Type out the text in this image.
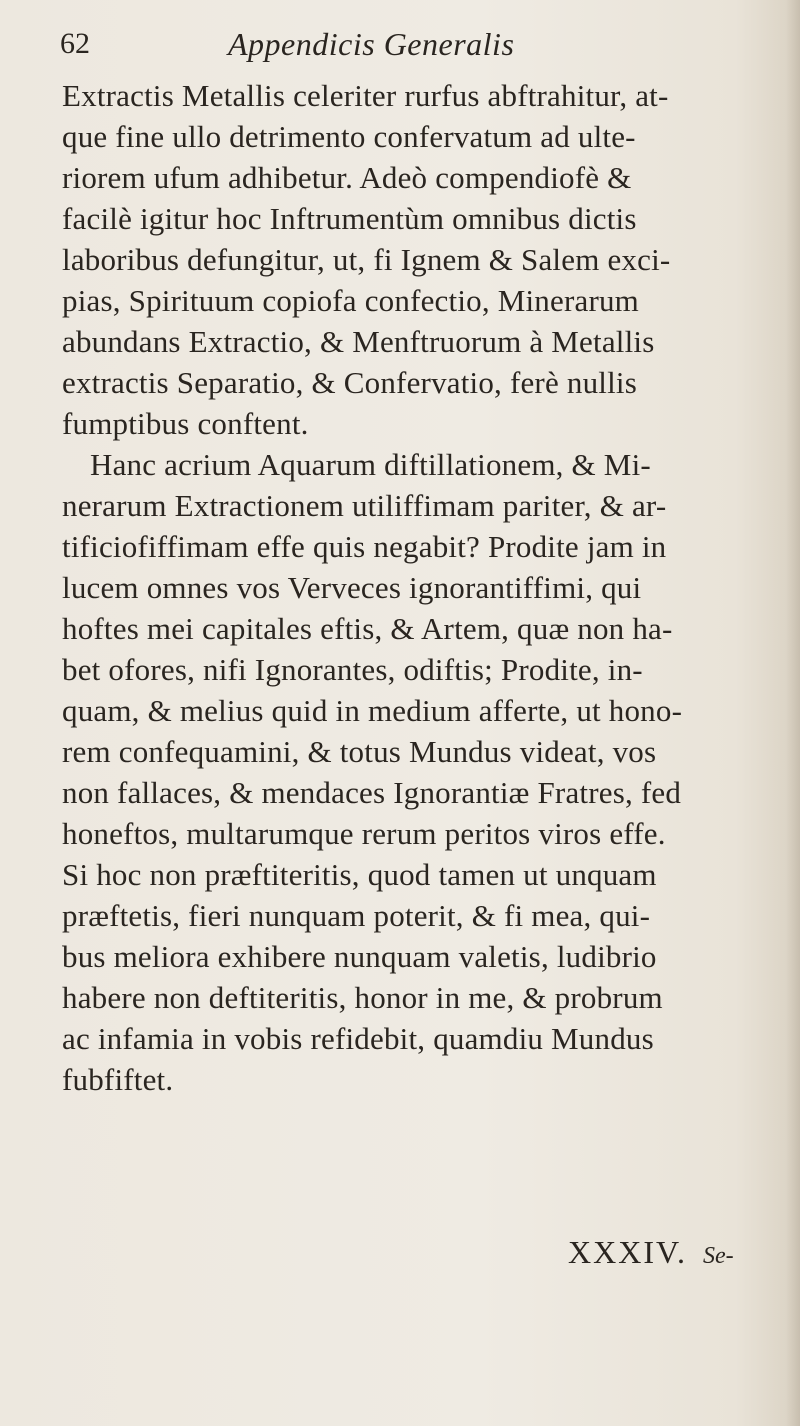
62	Appendicis Generalis
Extractis Metallis celeriter rurfus abftrahitur, at-
que fine ullo detrimento confervatum ad ulte-
riorem ufum adhibetur. Adeò compendiofè &
facilè igitur hoc Inftrumentùm omnibus dictis
laboribus defungitur, ut, fi Ignem & Salem exci-
pias, Spirituum copiofa confectio, Minerarum
abundans Extractio, & Menftruorum à Metallis
extractis Separatio, & Confervatio, ferè nullis
fumptibus conftent.
Hanc acrium Aquarum diftillationem, & Mi-
nerarum Extractionem utiliffimam pariter, & ar-
tificiofiffimam effe quis negabit? Prodite jam in
lucem omnes vos Verveces ignorantiffimi, qui
hoftes mei capitales eftis, & Artem, quæ non ha-
bet ofores, nifi Ignorantes, odiftis; Prodite, in-
quam, & melius quid in medium afferte, ut hono-
rem confequamini, & totus Mundus videat, vos
non fallaces, & mendaces Ignorantiæ Fratres, fed
honeftos, multarumque rerum peritos viros effe.
Si hoc non præftiteritis, quod tamen ut unquam
præftetis, fieri nunquam poterit, & fi mea, qui-
bus meliora exhibere nunquam valetis, ludibrio
habere non deftiteritis, honor in me, & probrum
ac infamia in vobis refidebit, quamdiu Mundus
fubfiftet.
XXXIV. Se-
